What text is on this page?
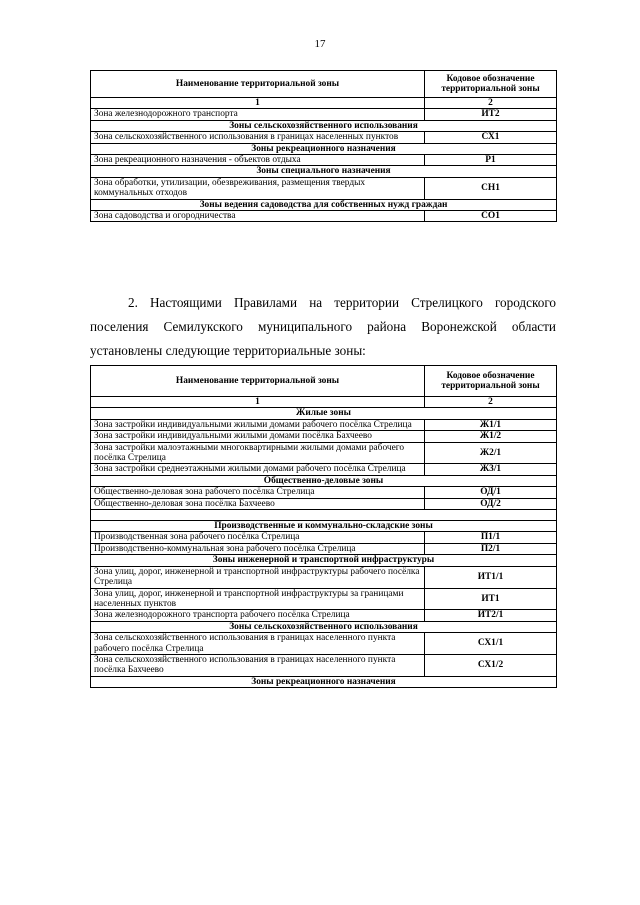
17
Наименование территориальной зоны	Кодовое обозначение территориальной зоны
1	2
Зона железнодорожного транспорта	ИТ2
Зоны сельскохозяйственного использования	
Зона сельскохозяйственного использования в границах населенных пунктов	СХ1
Зоны рекреационного назначения	
Зона рекреационного назначения - объектов отдыха	Р1
Зоны специального назначения	
Зона обработки, утилизации, обезвреживания, размещения твердых коммунальных отходов	СН1
Зоны ведения садоводства для собственных нужд граждан	
Зона садоводства и огородничества	СО1

2. Настоящими Правилами на территории Стрелицкого городского поселения Семилукского муниципального района Воронежской области установлены следующие территориальные зоны:

Наименование территориальной зоны	Кодовое обозначение территориальной зоны
1	2
Жилые зоны	
Зона застройки индивидуальными жилыми домами рабочего посёлка Стрелица	Ж1/1
Зона застройки индивидуальными жилыми домами посёлка Бахчеево	Ж1/2
Зона застройки малоэтажными многоквартирными жилыми домами рабочего посёлка Стрелица	Ж2/1
Зона застройки среднеэтажными жилыми домами рабочего посёлка Стрелица	Ж3/1
Общественно-деловые зоны	
Общественно-деловая зона рабочего посёлка Стрелица	ОД/1
Общественно-деловая зона посёлка Бахчеево	ОД/2

Производственные и коммунально-складские зоны	
Производственная зона рабочего посёлка Стрелица	П1/1
Производственно-коммунальная зона рабочего посёлка Стрелица	П2/1
Зоны инженерной и транспортной инфраструктуры	
Зона улиц, дорог, инженерной и транспортной инфраструктуры рабочего посёлка Стрелица	ИТ1/1
Зона улиц, дорог, инженерной и транспортной инфраструктуры за границами населенных пунктов	ИТ1
Зона железнодорожного транспорта рабочего посёлка Стрелица	ИТ2/1
Зоны сельскохозяйственного использования	
Зона сельскохозяйственного использования в границах населенного пункта рабочего посёлка Стрелица	СХ1/1
Зона сельскохозяйственного использования в границах населенного пункта посёлка Бахчеево	СХ1/2
Зоны рекреационного назначения	
